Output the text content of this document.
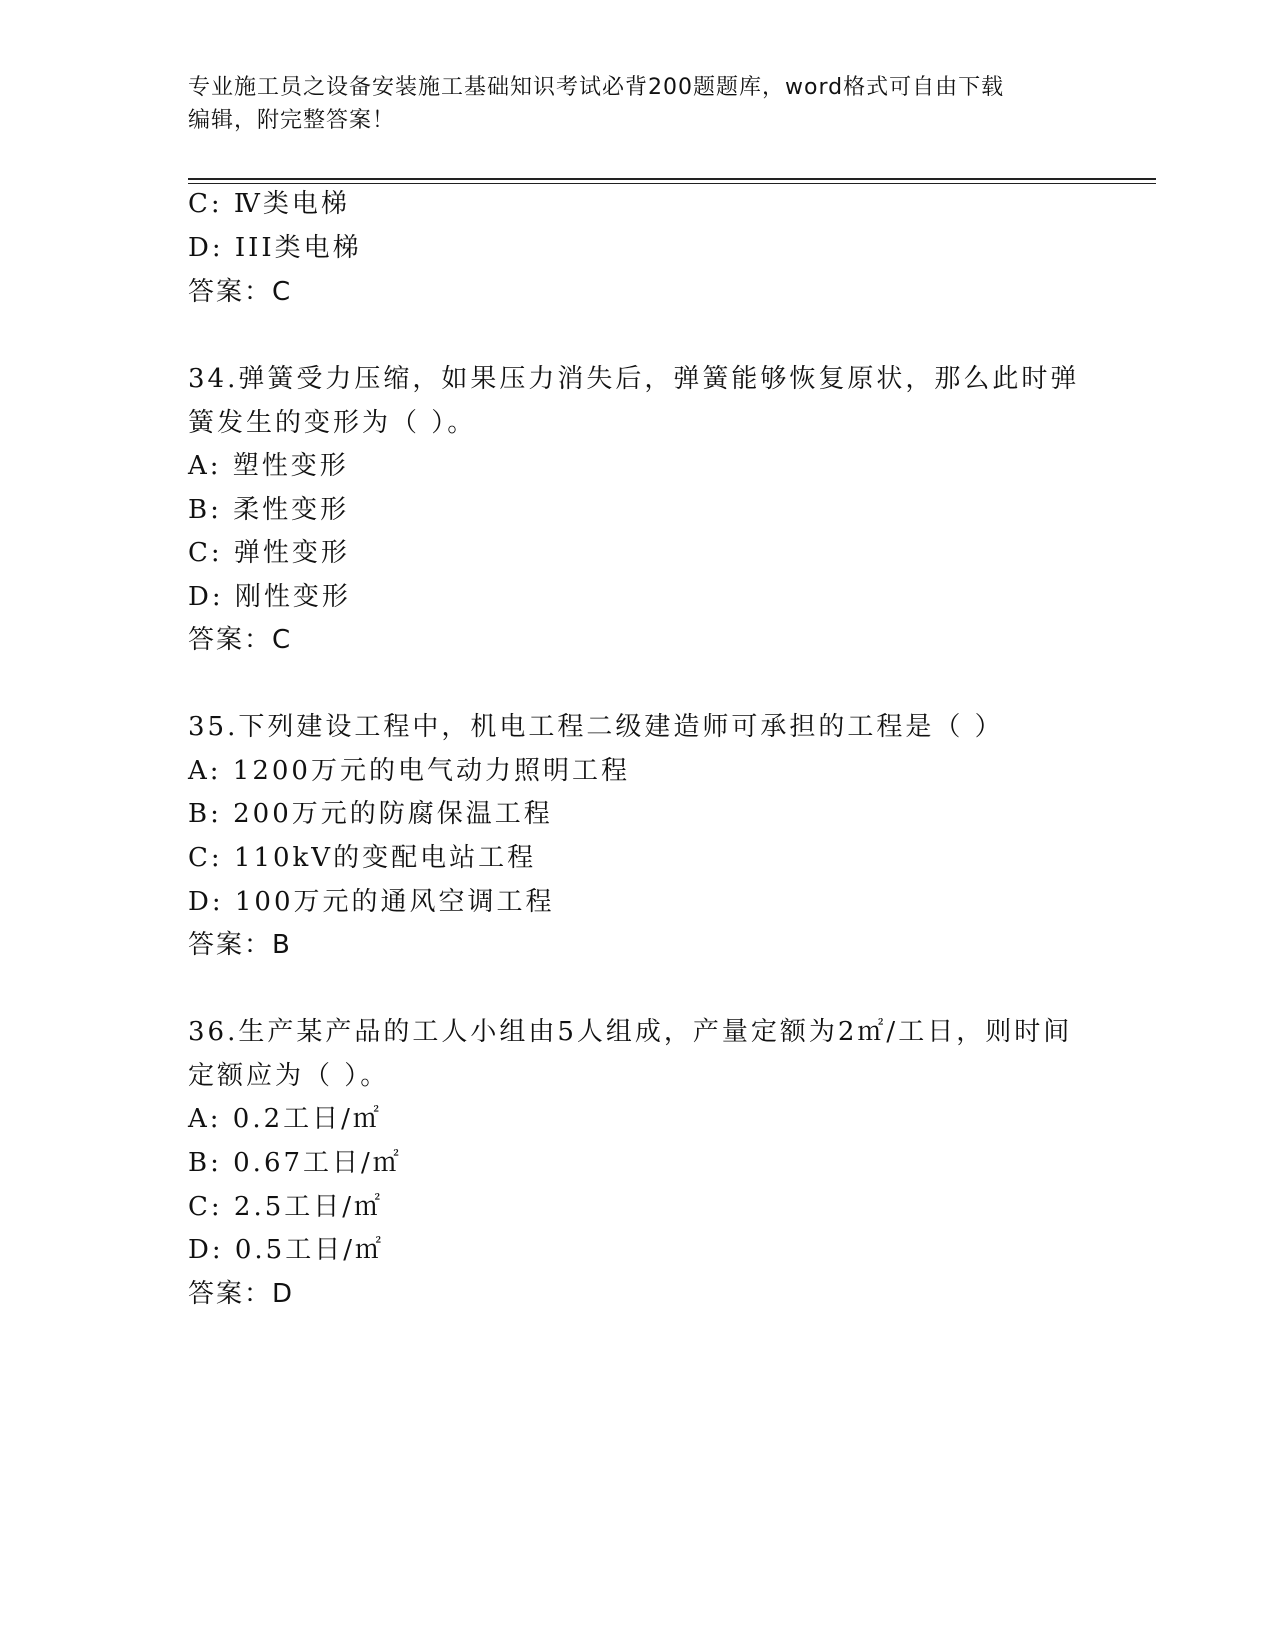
专业施工员之设备安装施工基础知识考试必背200题题库，word格式可自由下载
编辑，附完整答案！
C: Ⅳ类电梯
D: III类电梯
答案：C
34.弹簧受力压缩，如果压力消失后，弹簧能够恢复原状，那么此时弹
簧发生的变形为（ ）。
A: 塑性变形
B: 柔性变形
C: 弹性变形
D: 刚性变形
答案：C
35.下列建设工程中，机电工程二级建造师可承担的工程是（ ）
A: 1200万元的电气动力照明工程
B: 200万元的防腐保温工程
C: 110kV的变配电站工程
D: 100万元的通风空调工程
答案：B
36.生产某产品的工人小组由5人组成，产量定额为2㎡/工日，则时间
定额应为（ ）。
A: 0.2工日/㎡
B: 0.67工日/㎡
C: 2.5工日/㎡
D: 0.5工日/㎡
答案：D
